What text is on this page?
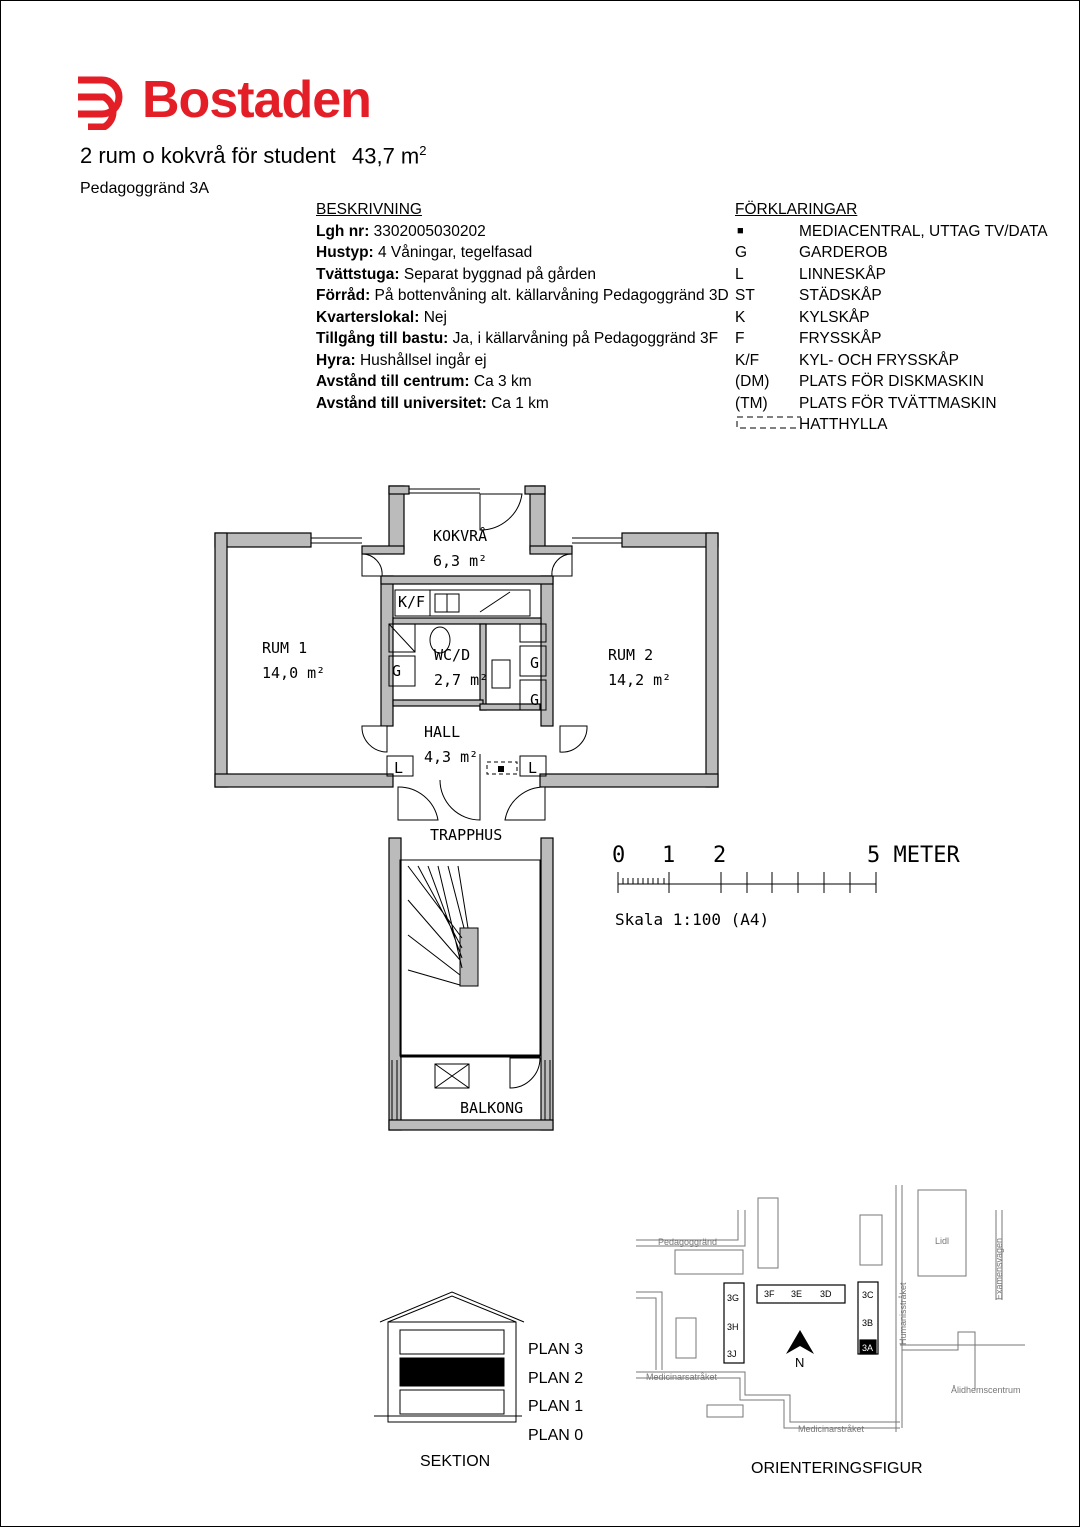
Bostaden
2 rum o kokvrå för student 43,7 $m^2$
Pedagoggränd 3A
BESKRIVNING
Lgh nr: 3302005030202
Hustyp: 4 Våningar, tegelfasad
Tvättstuga: Separat byggnad på gården
Förråd: På bottenvåning alt. källarvåning Pedagoggränd 3D
Kvarterslokal: Nej
Tillgång till bastu: Ja, i källarvåning på Pedagoggränd 3F
Hyra: Hushållsel ingår ej
Avstånd till centrum: Ca 3 km
Avstånd till universitet: Ca 1 km
FÖRKLARINGAR
■	MEDIACENTRAL, UTTAG TV/DATA
G	GARDEROB
L	LINNESKÅP
ST	STÄDSKÅP
K	KYLSKÅP
F	FRYSSKÅP
K/F	KYL- OCH FRYSSKÅP
(DM)	PLATS FÖR DISKMASKIN
(TM)	PLATS FÖR TVÄTTMASKIN
HATTHYLLA
KOKVRÅ
6,3 m²
RUM 1
14,0 m²
RUM 2
14,2 m²
WC/D
2,7 m²
HALL
4,3 m²
TRAPPHUS
BALKONG
K/F
G	G
G
L	L
0 1 2	5 METER
Skala 1:100 (A4)
PLAN 3
PLAN 2
PLAN 1
PLAN 0
SEKTION
3G
3H
3J
3F 3E 3D	3C
3B
3A
Pedagoggränd
Medicinarsatråket
Medicinarstråket
Humanisstråket
Examensvägen
Ålidhemscentrum
Lidl
N
ORIENTERINGSFIGUR
